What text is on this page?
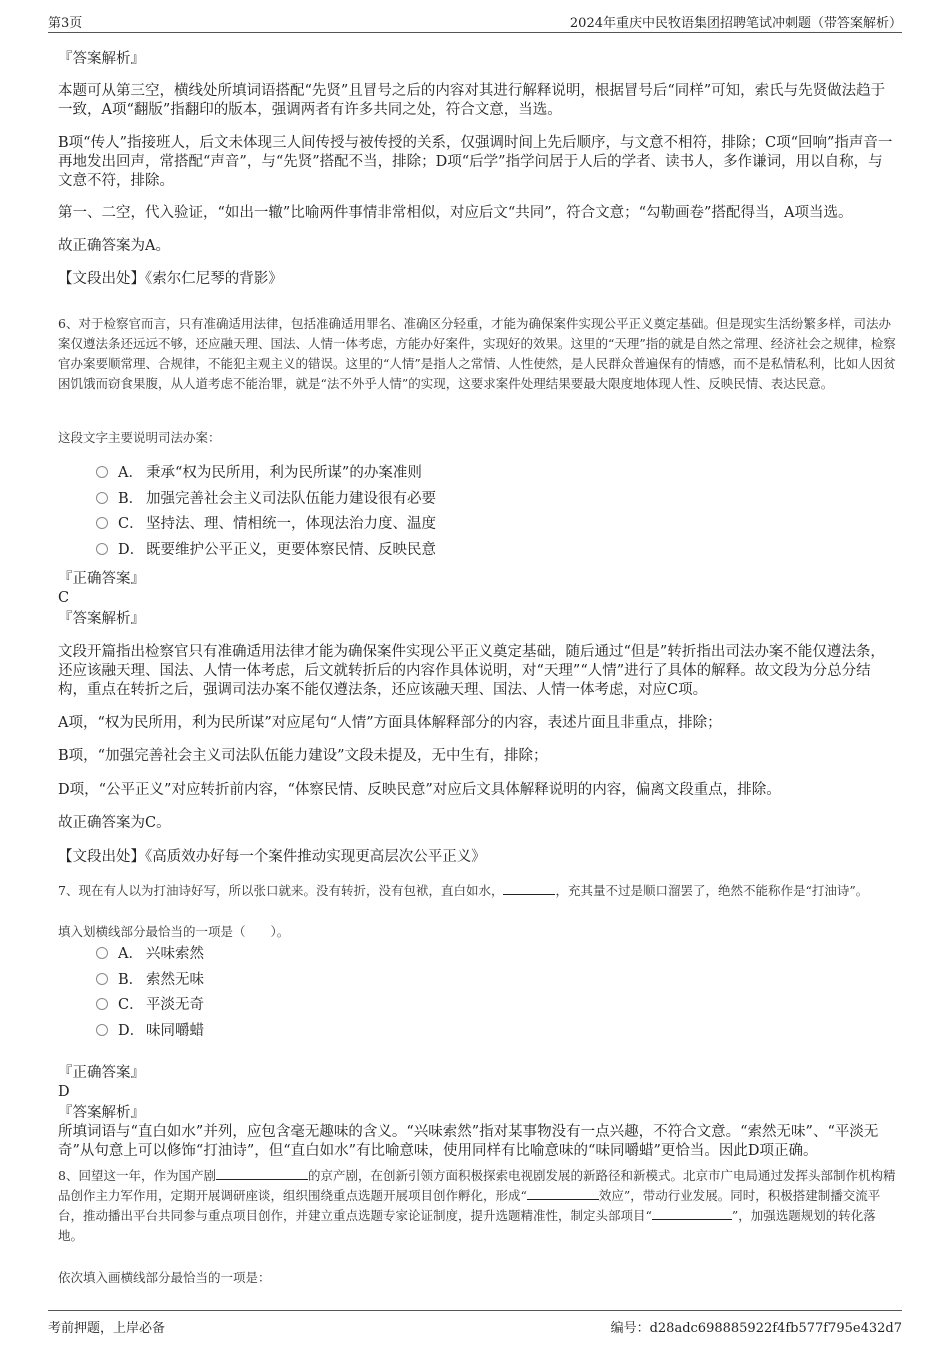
第3页	2024年重庆中民牧语集团招聘笔试冲刺题（带答案解析）
『答案解析』
本题可从第三空，横线处所填词语搭配“先贤”且冒号之后的内容对其进行解释说明，根据冒号后“同样”可知，索氏与先贤做法趋于一致，A项“翻版”指翻印的版本，强调两者有许多共同之处，符合文意，当选。
B项“传人”指接班人，后文未体现三人间传授与被传授的关系，仅强调时间上先后顺序，与文意不相符，排除；C项“回响”指声音一再地发出回声，常搭配“声音”，与“先贤”搭配不当，排除；D项“后学”指学问居于人后的学者、读书人，多作谦词，用以自称，与文意不符，排除。
第一、二空，代入验证，“如出一辙”比喻两件事情非常相似，对应后文“共同”，符合文意；“勾勒画卷”搭配得当，A项当选。
故正确答案为A。
【文段出处】《索尔仁尼琴的背影》
6、对于检察官而言，只有准确适用法律，包括准确适用罪名、准确区分轻重，才能为确保案件实现公平正义奠定基础。但是现实生活纷繁多样，司法办案仅遵法条还远远不够，还应融天理、国法、人情一体考虑，方能办好案件，实现好的效果。这里的“天理”指的就是自然之常理、经济社会之规律，检察官办案要顺常理、合规律，不能犯主观主义的错误。这里的“人情”是指人之常情、人性使然，是人民群众普遍保有的情感，而不是私情私利，比如人因贫困饥饿而窃食果腹，从人道考虑不能治罪，就是“法不外乎人情”的实现，这要求案件处理结果要最大限度地体现人性、反映民情、表达民意。
这段文字主要说明司法办案：
A． 秉承“权为民所用，利为民所谋”的办案准则
B． 加强完善社会主义司法队伍能力建设很有必要
C． 坚持法、理、情相统一，体现法治力度、温度
D． 既要维护公平正义，更要体察民情、反映民意
『正确答案』
C
『答案解析』
文段开篇指出检察官只有准确适用法律才能为确保案件实现公平正义奠定基础，随后通过“但是”转折指出司法办案不能仅遵法条，还应该融天理、国法、人情一体考虑，后文就转折后的内容作具体说明，对“天理”“人情”进行了具体的解释。故文段为分总分结构，重点在转折之后，强调司法办案不能仅遵法条，还应该融天理、国法、人情一体考虑，对应C项。
A项，“权为民所用，利为民所谋”对应尾句“人情”方面具体解释部分的内容，表述片面且非重点，排除；
B项，“加强完善社会主义司法队伍能力建设”文段未提及，无中生有，排除；
D项，“公平正义”对应转折前内容，“体察民情、反映民意”对应后文具体解释说明的内容，偏离文段重点，排除。
故正确答案为C。
【文段出处】《高质效办好每一个案件推动实现更高层次公平正义》
7、现在有人以为打油诗好写，所以张口就来。没有转折，没有包袱，直白如水，	，充其量不过是顺口溜罢了，绝然不能称作是“打油诗”。
填入划横线部分最恰当的一项是（　　）。
A． 兴味索然
B． 索然无味
C． 平淡无奇
D． 味同嚼蜡
『正确答案』
D
『答案解析』
所填词语与“直白如水”并列，应包含毫无趣味的含义。“兴味索然”指对某事物没有一点兴趣，不符合文意。“索然无味”、“平淡无奇”从句意上可以修饰“打油诗”，但“直白如水”有比喻意味，使用同样有比喻意味的“味同嚼蜡”更恰当。因此D项正确。
8、回望这一年，作为国产剧	的京产剧，在创新引领方面积极探索电视剧发展的新路径和新模式。北京市广电局通过发挥头部制作机构精品创作主力军作用，定期开展调研座谈，组织围绕重点选题开展项目创作孵化，形成“	效应”，带动行业发展。同时，积极搭建制播交流平台，推动播出平台共同参与重点项目创作，并建立重点选题专家论证制度，提升选题精准性，制定头部项目“	”，加强选题规划的转化落地。
依次填入画横线部分最恰当的一项是：
考前押题，上岸必备	编号：d28adc698885922f4fb577f795e432d7
